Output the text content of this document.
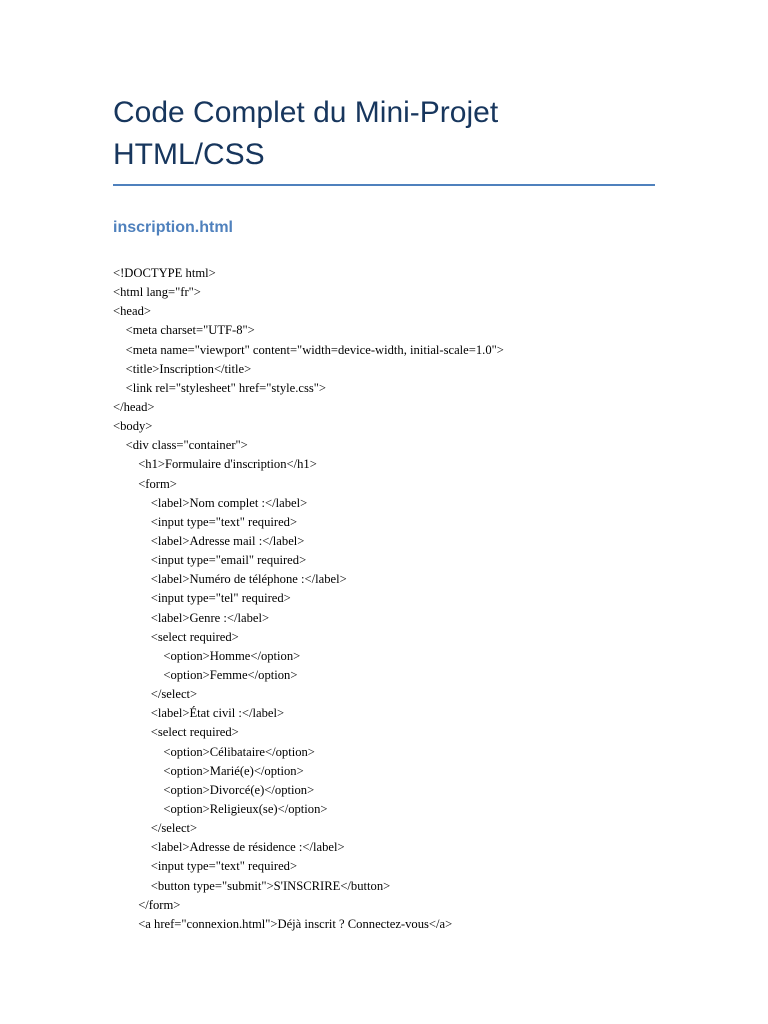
Code Complet du Mini-Projet
HTML/CSS
inscription.html
<!DOCTYPE html>
<html lang="fr">
<head>
<meta charset="UTF-8">
<meta name="viewport" content="width=device-width, initial-scale=1.0">
<title>Inscription</title>
<link rel="stylesheet" href="style.css">
</head>
<body>
<div class="container">
<h1>Formulaire d'inscription</h1>
<form>
<label>Nom complet :</label>
<input type="text" required>
<label>Adresse mail :</label>
<input type="email" required>
<label>Numéro de téléphone :</label>
<input type="tel" required>
<label>Genre :</label>
<select required>
<option>Homme</option>
<option>Femme</option>
</select>
<label>État civil :</label>
<select required>
<option>Célibataire</option>
<option>Marié(e)</option>
<option>Divorcé(e)</option>
<option>Religieux(se)</option>
</select>
<label>Adresse de résidence :</label>
<input type="text" required>
<button type="submit">S'INSCRIRE</button>
</form>
<a href="connexion.html">Déjà inscrit ? Connectez-vous</a>
